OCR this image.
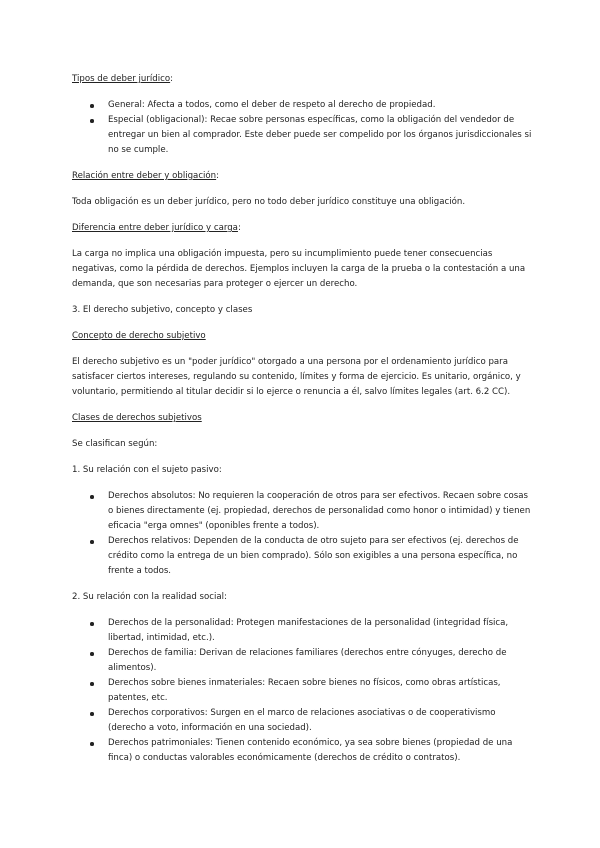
Tipos de deber jurídico:

General: Afecta a todos, como el deber de respeto al derecho de propiedad.
Especial (obligacional): Recae sobre personas específicas, como la obligación del vendedor de entregar un bien al comprador. Este deber puede ser compelido por los órganos jurisdiccionales si no se cumple.

Relación entre deber y obligación:

Toda obligación es un deber jurídico, pero no todo deber jurídico constituye una obligación.

Diferencia entre deber jurídico y carga:

La carga no implica una obligación impuesta, pero su incumplimiento puede tener consecuencias negativas, como la pérdida de derechos. Ejemplos incluyen la carga de la prueba o la contestación a una demanda, que son necesarias para proteger o ejercer un derecho.

3. El derecho subjetivo, concepto y clases

Concepto de derecho subjetivo

El derecho subjetivo es un "poder jurídico" otorgado a una persona por el ordenamiento jurídico para satisfacer ciertos intereses, regulando su contenido, límites y forma de ejercicio. Es unitario, orgánico, y voluntario, permitiendo al titular decidir si lo ejerce o renuncia a él, salvo límites legales (art. 6.2 CC).

Clases de derechos subjetivos

Se clasifican según:

1. Su relación con el sujeto pasivo:

Derechos absolutos: No requieren la cooperación de otros para ser efectivos. Recaen sobre cosas o bienes directamente (ej. propiedad, derechos de personalidad como honor o intimidad) y tienen eficacia "erga omnes" (oponibles frente a todos).
Derechos relativos: Dependen de la conducta de otro sujeto para ser efectivos (ej. derechos de crédito como la entrega de un bien comprado). Sólo son exigibles a una persona específica, no frente a todos.

2. Su relación con la realidad social:

Derechos de la personalidad: Protegen manifestaciones de la personalidad (integridad física, libertad, intimidad, etc.).
Derechos de familia: Derivan de relaciones familiares (derechos entre cónyuges, derecho de alimentos).
Derechos sobre bienes inmateriales: Recaen sobre bienes no físicos, como obras artísticas, patentes, etc.
Derechos corporativos: Surgen en el marco de relaciones asociativas o de cooperativismo (derecho a voto, información en una sociedad).
Derechos patrimoniales: Tienen contenido económico, ya sea sobre bienes (propiedad de una finca) o conductas valorables económicamente (derechos de crédito o contratos).
